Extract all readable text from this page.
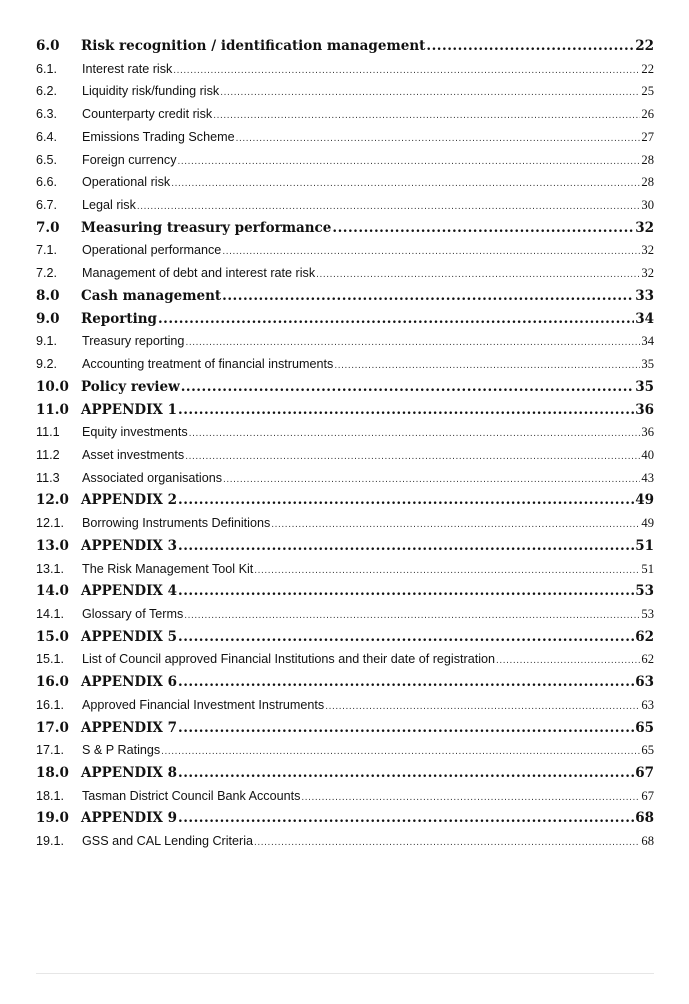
6.0	Risk recognition / identification management .....	22
6.1.	Interest rate risk .....	22
6.2.	Liquidity risk/funding risk .....	25
6.3.	Counterparty credit risk .....	26
6.4.	Emissions Trading Scheme .....	27
6.5.	Foreign currency .....	28
6.6.	Operational risk .....	28
6.7.	Legal risk .....	30
7.0	Measuring treasury performance .....	32
7.1.	Operational performance .....	32
7.2.	Management of debt and interest rate risk .....	32
8.0	Cash management .....	33
9.0	Reporting .....	34
9.1.	Treasury reporting .....	34
9.2.	Accounting treatment of financial instruments .....	35
10.0 Policy review .....	35
11.0 APPENDIX 1 .....	36
11.1	Equity investments .....	36
11.2	Asset investments .....	40
11.3	Associated organisations .....	43
12.0 APPENDIX 2 .....	49
12.1.	Borrowing Instruments Definitions .....	49
13.0 APPENDIX 3 .....	51
13.1.	The Risk Management Tool Kit .....	51
14.0 APPENDIX 4 .....	53
14.1.	Glossary of Terms .....	53
15.0 APPENDIX 5 .....	62
15.1.	List of Council approved Financial Institutions and their date of registration .....	62
16.0 APPENDIX 6 .....	63
16.1.	Approved Financial Investment Instruments .....	63
17.0 APPENDIX 7 .....	65
17.1.	S & P Ratings .....	65
18.0 APPENDIX 8 .....	67
18.1.	Tasman District Council Bank Accounts .....	67
19.0 APPENDIX 9 .....	68
19.1.	GSS and CAL Lending Criteria .....	68
